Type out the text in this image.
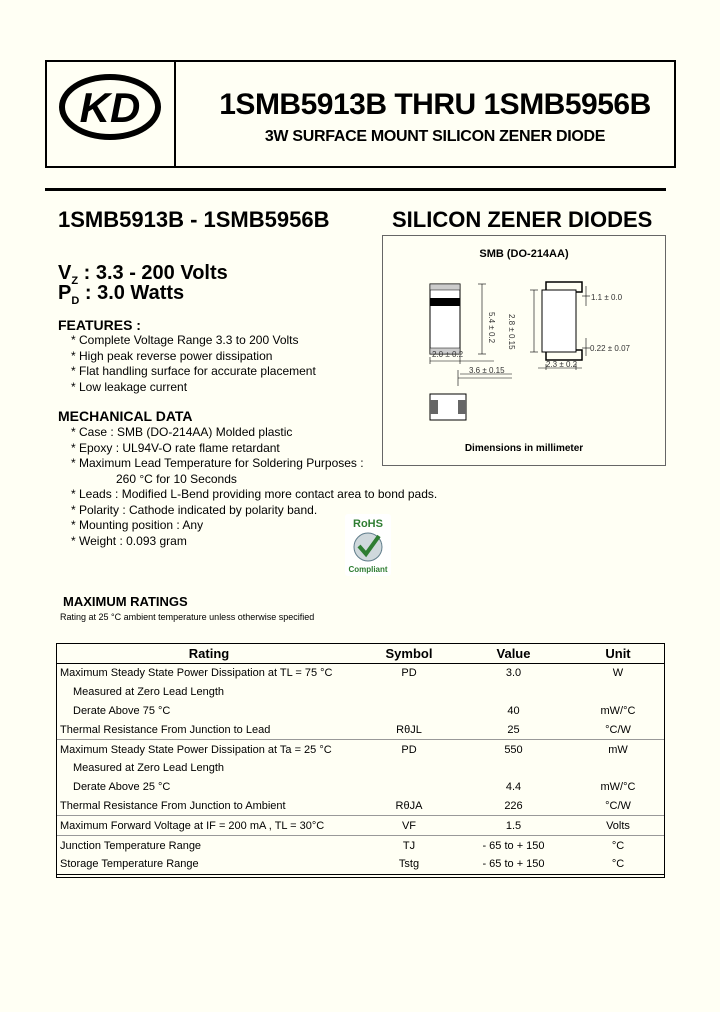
KD	1SMB5913B THRU 1SMB5956B
3W SURFACE MOUNT SILICON ZENER DIODE
1SMB5913B - 1SMB5956B	SILICON ZENER DIODES
$V_Z$ : 3.3 - 200 Volts
$P_D$ : 3.0 Watts
FEATURES :
* Complete Voltage Range 3.3 to 200 Volts
* High peak reverse power dissipation
* Flat handling surface for accurate placement
* Low leakage current
MECHANICAL DATA
* Case : SMB (DO-214AA) Molded plastic
* Epoxy : UL94V-O rate flame retardant
* Maximum Lead Temperature for Soldering Purposes :
260 °C for 10 Seconds
* Leads : Modified L-Bend providing more contact area to bond pads.
* Polarity : Cathode indicated by polarity band.
* Mounting position : Any
* Weight : 0.093 gram
SMB (DO-214AA)
1.1 ± 0.0
5.4 ± 0.2 2.8 ± 0.15
2.0 ± 0.2
0.22 ± 0.07
3.6 ± 0.15
2.3 ± 0.2
Dimensions in millimeter
RoHS
Compliant
MAXIMUM RATINGS
Rating at 25 °C ambient temperature unless otherwise specified
Rating	Symbol	Value	Unit
Maximum Steady State Power Dissipation at TL = 75 °C	PD	3.0	W
Measured at Zero Lead Length			
Derate Above 75 °C		40	mW/°C
Thermal Resistance From Junction to Lead	RθJL	25	°C/W
Maximum Steady State Power Dissipation at Ta = 25 °C	PD	550	mW
Measured at Zero Lead Length			
Derate Above 25 °C		4.4	mW/°C
Thermal Resistance From Junction to Ambient	RθJA	226	°C/W
Maximum Forward Voltage at IF = 200 mA , TL = 30°C	VF	1.5	Volts
Junction Temperature Range	TJ	- 65 to + 150	°C
Storage Temperature Range	Tstg	- 65 to + 150	°C
